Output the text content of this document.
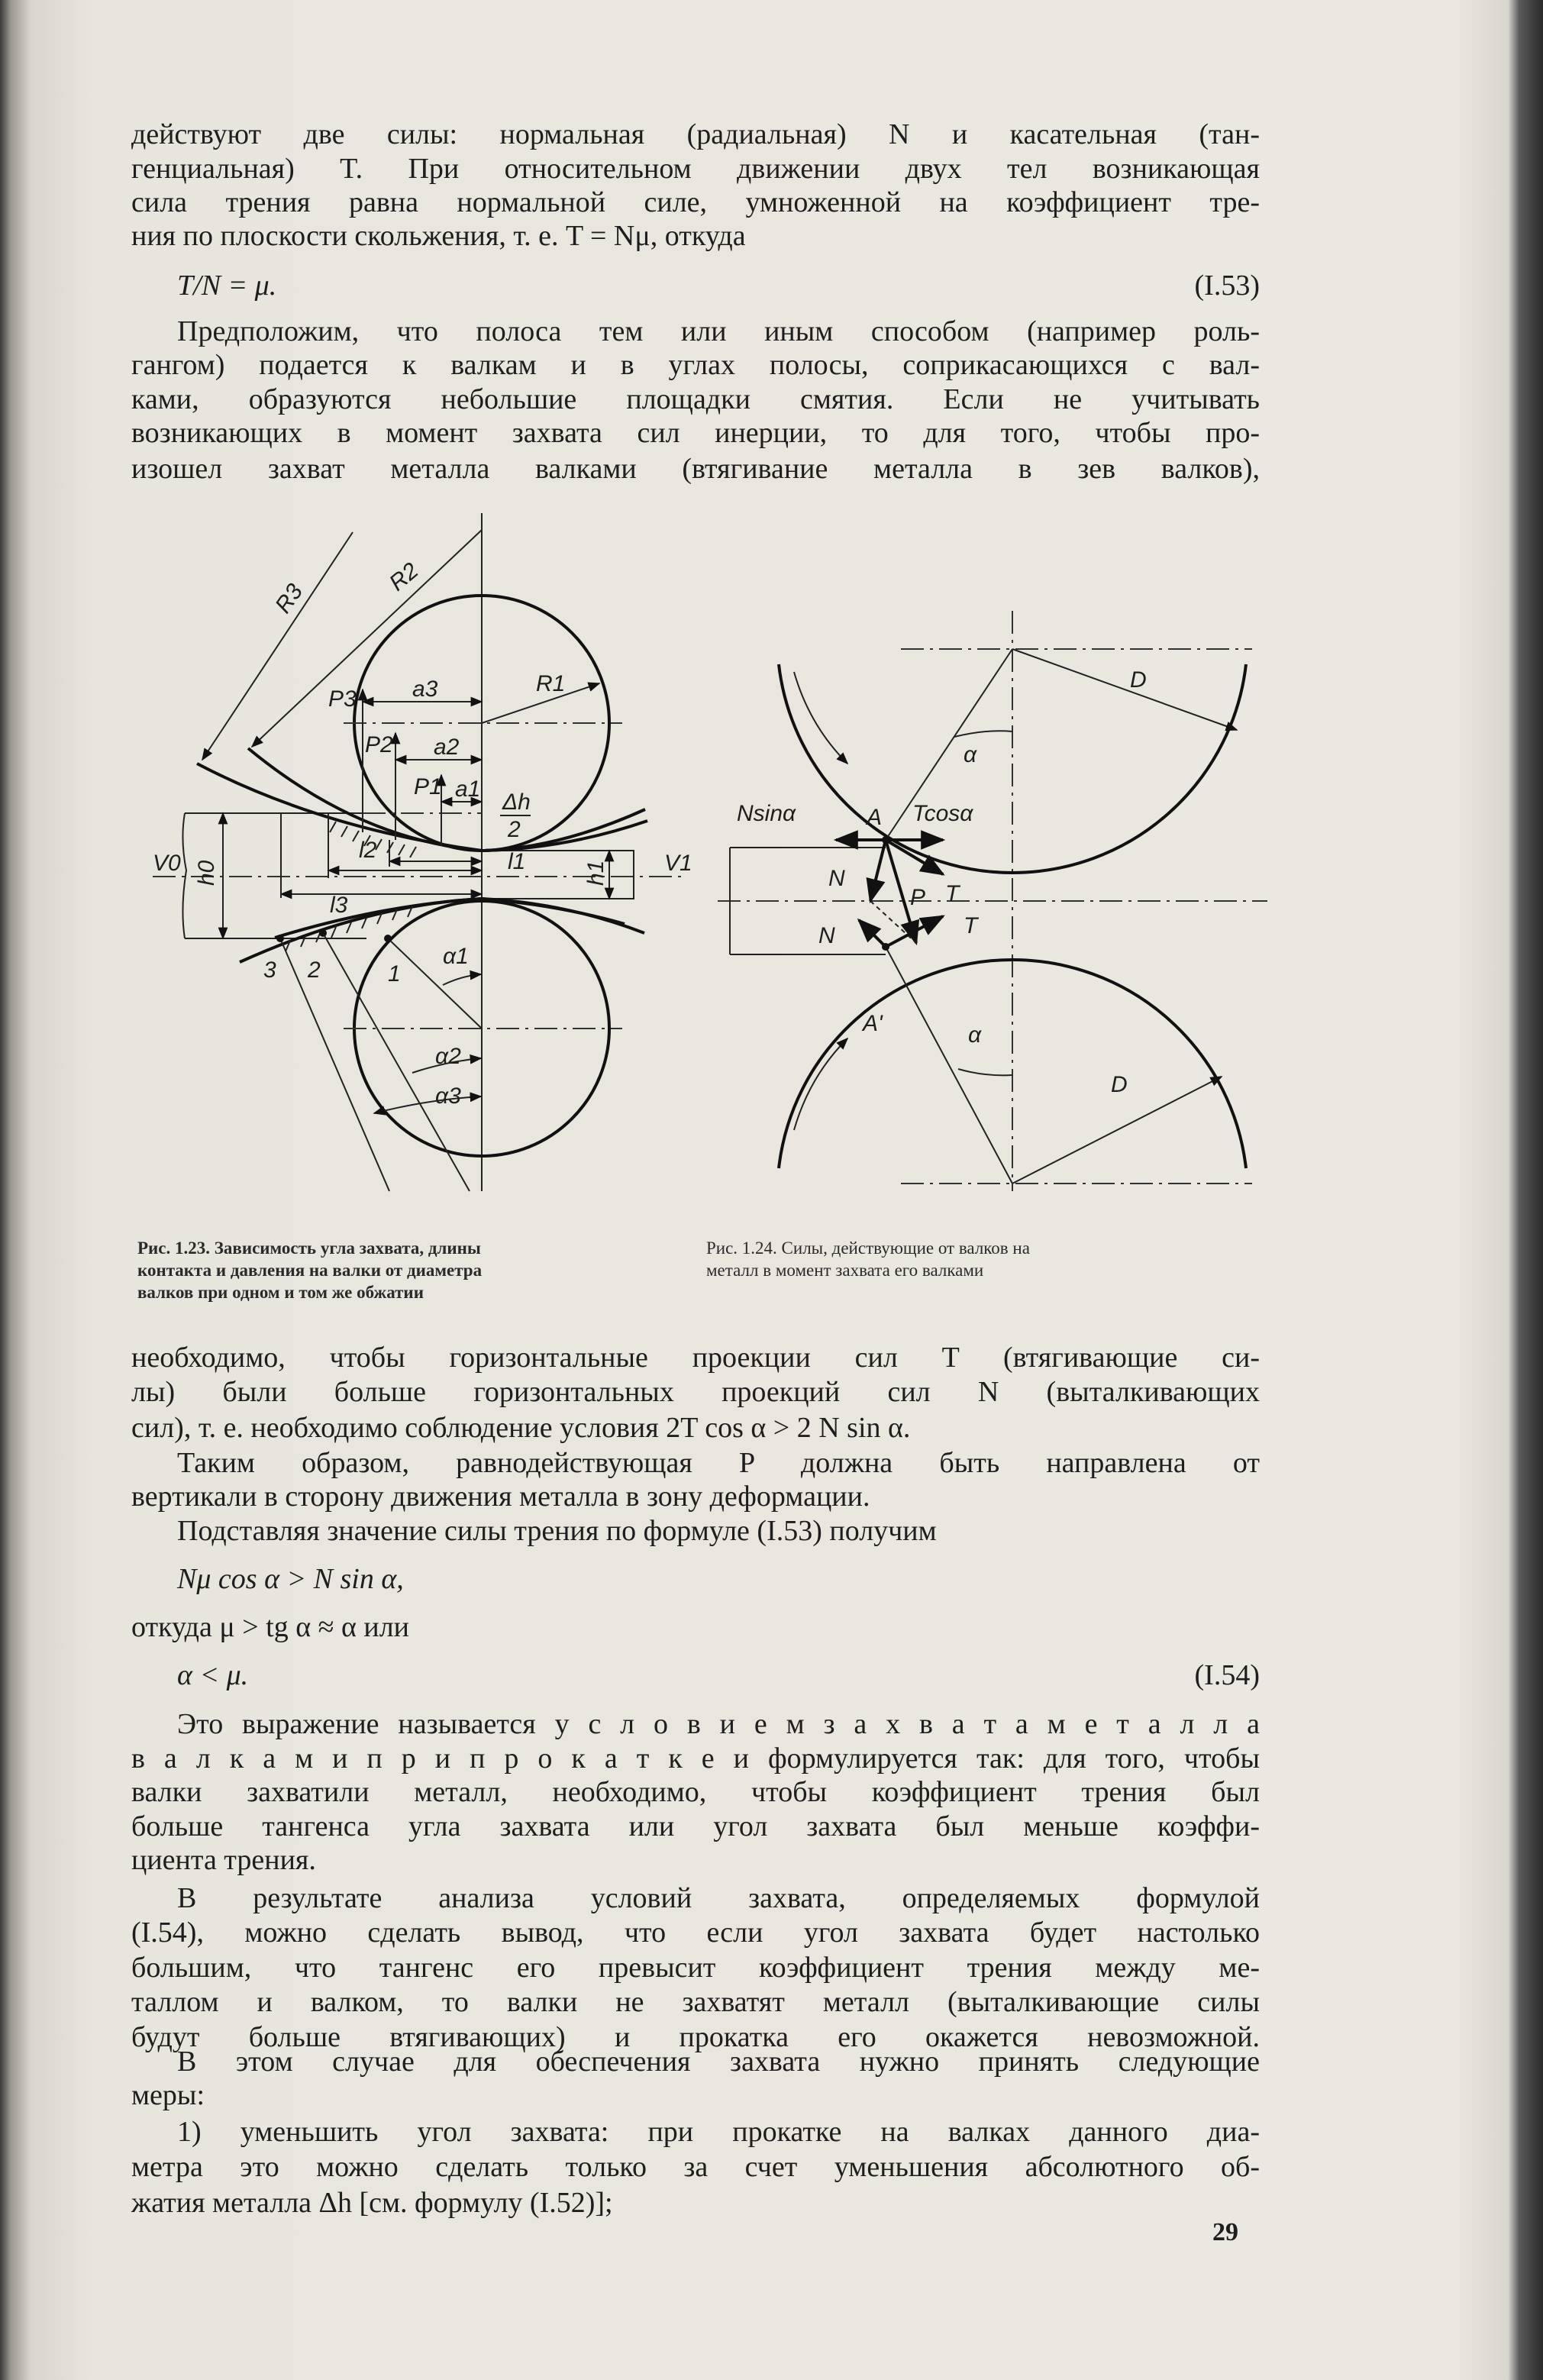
действуют две силы: нормальная (радиальная) N и касательная (тан-
генциальная) T. При относительном движении двух тел возникающая
сила трения равна нормальной силе, умноженной на коэффициент тре-
ния по плоскости скольжения, т. е. T = Nμ, откуда
T/N = μ.	(I.53)
Предположим, что полоса тем или иным способом (например роль-
гангом) подается к валкам и в углах полосы, соприкасающихся с вал-
ками, образуются небольшие площадки смятия. Если не учитывать
возникающих в момент захвата сил инерции, то для того, чтобы про-
изошел захват металла валками (втягивание металла в зев валков),
R3
R2
R1
P3
P2
P1
a3
a2
a1
Δh
2
l2	l1
l3
h0	h1
V0	V1
3 2	1
α1
α2
α3
D
α
Nsinα	A Tcosα
N
P T
N	T
A'	α
D
Рис. 1.23. Зависимость угла захвата, длины
контакта и давления на валки от диаметра
валков при одном и том же обжатии
Рис. 1.24. Силы, действующие от валков на
металл в момент захвата его валками
необходимо, чтобы горизонтальные проекции сил T (втягивающие си-
лы) были больше горизонтальных проекций сил N (выталкивающих
сил), т. е. необходимо соблюдение условия 2T cos α > 2 N sin α.
Таким образом, равнодействующая P должна быть направлена от
вертикали в сторону движения металла в зону деформации.
Подставляя значение силы трения по формуле (I.53) получим
Nμ cos α > N sin α,
откуда μ > tg α ≈ α или
α < μ.	(I.54)
Это выражение называется у с л о в и е м з а х в а т а м е т а л л а
в а л к а м и п р и п р о к а т к е и формулируется так: для того, чтобы
валки захватили металл, необходимо, чтобы коэффициент трения был
больше тангенса угла захвата или угол захвата был меньше коэффи-
циента трения.
В результате анализа условий захвата, определяемых формулой
(I.54), можно сделать вывод, что если угол захвата будет настолько
большим, что тангенс его превысит коэффициент трения между ме-
таллом и валком, то валки не захватят металл (выталкивающие силы
будут больше втягивающих) и прокатка его окажется невозможной.
В этом случае для обеспечения захвата нужно принять следующие
меры:
1) уменьшить угол захвата: при прокатке на валках данного диа-
метра это можно сделать только за счет уменьшения абсолютного об-
жатия металла Δh [см. формулу (I.52)];
29
